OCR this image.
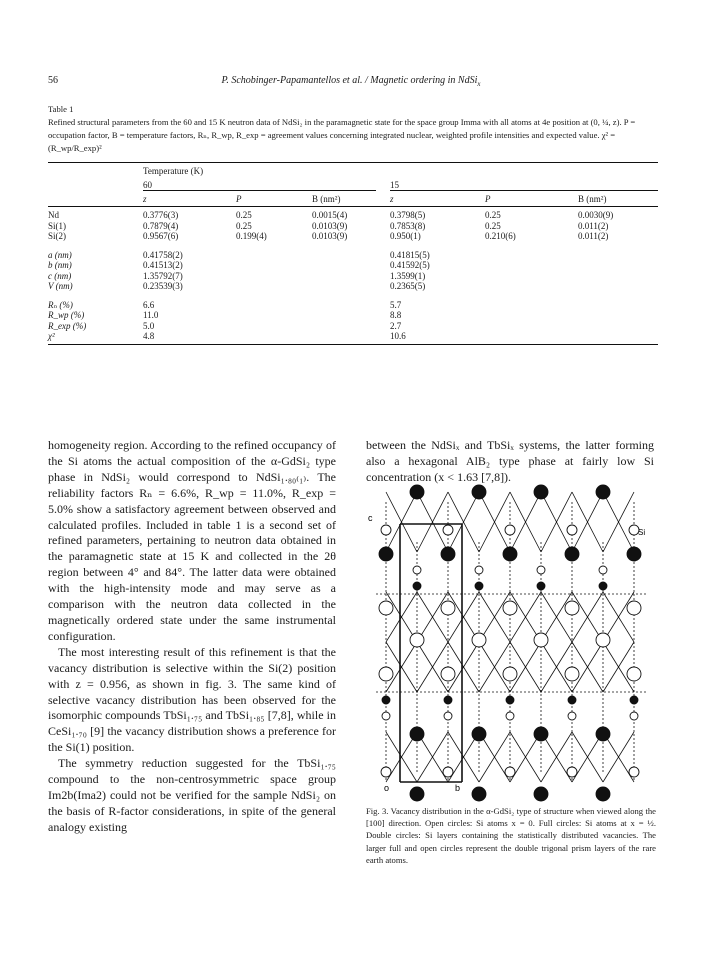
56	P. Schobinger-Papamantellos et al. / Magnetic ordering in NdSi$_x$
Table 1
Refined structural parameters from the 60 and 15 K neutron data of NdSi₂ in the paramagnetic state for the space group Imma with all atoms at 4e position at (0, ¼, z). P = occupation factor, B = temperature factors, Rₙ, R_wp, R_exp = agreement values concerning integrated nuclear, weighted profile intensities and expected value. χ² = (R_wp/R_exp)²
	Temperature (K)					

	60			15		

	z	P	B (nm²)	z	P	B (nm²)
Nd	0.3776(3)	0.25	0.0015(4)	0.3798(5)	0.25	0.0030(9)
Si(1)	0.7879(4)	0.25	0.0103(9)	0.7853(8)	0.25	0.011(2)
Si(2)	0.9567(6)	0.199(4)	0.0103(9)	0.950(1)	0.210(6)	0.011(2)

a (nm)	0.41758(2)			0.41815(5)		
b (nm)	0.41513(2)			0.41592(5)		
c (nm)	1.35792(7)			1.3599(1)		
V (nm)	0.23539(3)			0.2365(5)		

Rₙ (%)	6.6			5.7		
R_wp (%)	11.0			8.8		
R_exp (%)	5.0			2.7		
χ²	4.8			10.6		

homogeneity region. According to the refined occupancy of the Si atoms the actual composition of the α-GdSi₂ type phase in NdSi₂ would correspond to NdSi₁.₈₀₍₁₎. The reliability factors Rₙ = 6.6%, R_wp = 11.0%, R_exp = 5.0% show a satisfactory agreement between observed and calculated profiles. Included in table 1 is a second set of refined parameters, pertaining to neutron data obtained in the paramagnetic state at 15 K and collected in the 2θ region between 4° and 84°. The latter data were obtained with the high-intensity mode and may serve as a comparison with the neutron data collected in the magnetically ordered state under the same instrumental configuration.

The most interesting result of this refinement is that the vacancy distribution is selective within the Si(2) position with z = 0.956, as shown in fig. 3. The same kind of selective vacancy distribution has been observed for the isomorphic compounds TbSi₁.₇₅ and TbSi₁.₈₅ [7,8], while in CeSi₁.₇₀ [9] the vacancy distribution shows a preference for the Si(1) position.

The symmetry reduction suggested for the TbSi₁.₇₅ compound to the non-centrosymmetric space group Im2b(Ima2) could not be verified for the sample NdSi₂ on the basis of R-factor considerations, in spite of the general analogy existing

between the NdSiₓ and TbSiₓ systems, the latter forming also a hexagonal AlB₂ type phase at fairly low Si concentration (x < 1.63 [7,8]).

c
o	b
Si
Fig. 3. Vacancy distribution in the α-GdSi₂ type of structure when viewed along the [100] direction. Open circles: Si atoms x = 0. Full circles: Si atoms at x = ½. Double circles: Si layers containing the statistically distributed vacancies. The larger full and open circles represent the double trigonal prism layers of the rare earth atoms.
